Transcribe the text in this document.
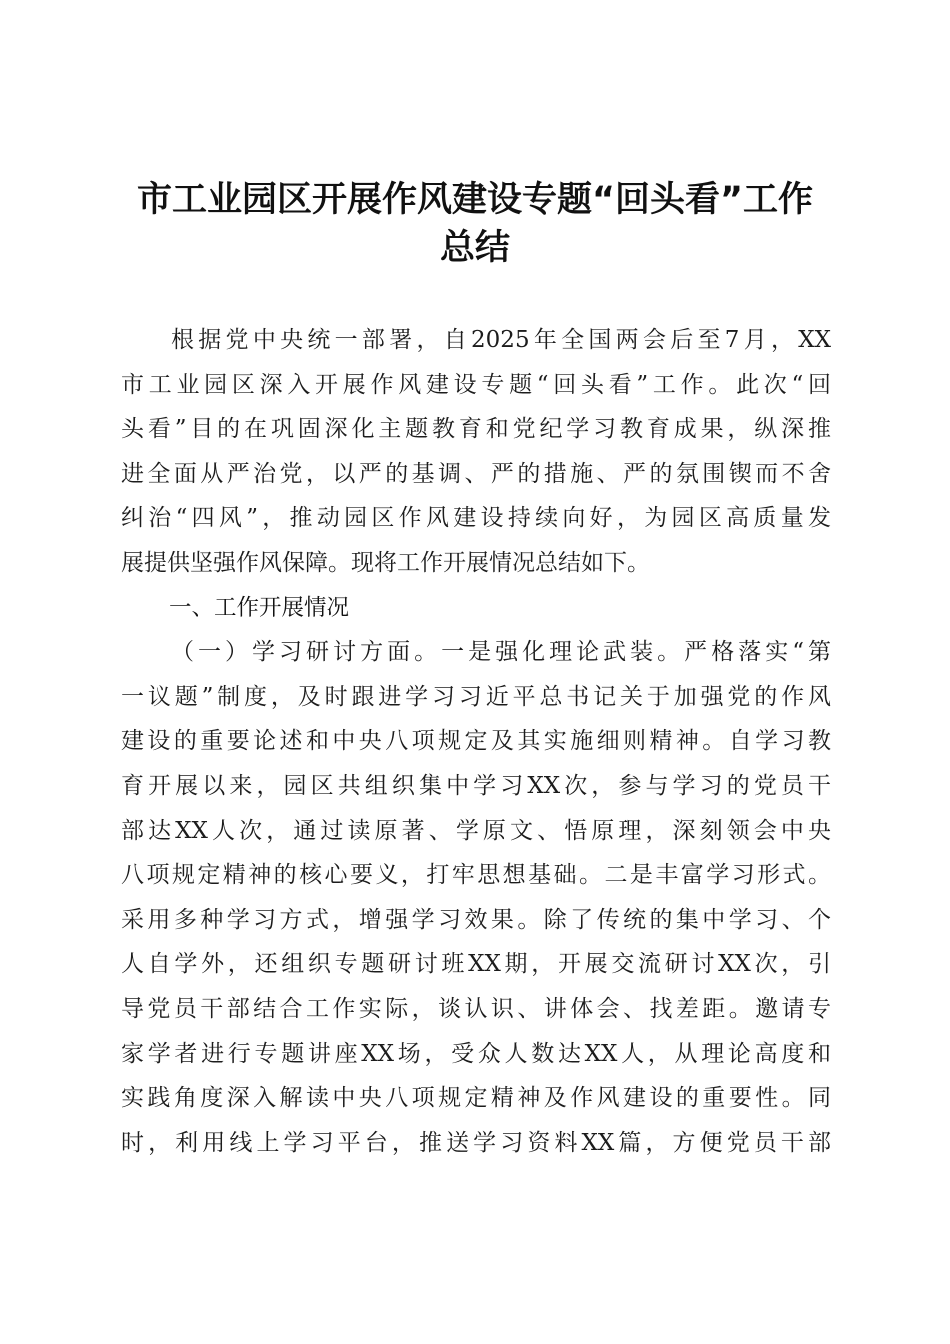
市工业园区开展作风建设专题“回头看”工作
总结
根据党中央统一部署，自2025年全国两会后至7月，XX
市工业园区深入开展作风建设专题“回头看”工作。此次“回
头看”目的在巩固深化主题教育和党纪学习教育成果，纵深推
进全面从严治党，以严的基调、严的措施、严的氛围锲而不舍
纠治“四风”，推动园区作风建设持续向好，为园区高质量发
展提供坚强作风保障。现将工作开展情况总结如下。
一、工作开展情况
（一）学习研讨方面。一是强化理论武装。严格落实“第
一议题”制度，及时跟进学习习近平总书记关于加强党的作风
建设的重要论述和中央八项规定及其实施细则精神。自学习教
育开展以来，园区共组织集中学习XX次，参与学习的党员干
部达XX人次，通过读原著、学原文、悟原理，深刻领会中央
八项规定精神的核心要义，打牢思想基础。二是丰富学习形式。
采用多种学习方式，增强学习效果。除了传统的集中学习、个
人自学外，还组织专题研讨班XX期，开展交流研讨XX次，引
导党员干部结合工作实际，谈认识、讲体会、找差距。邀请专
家学者进行专题讲座XX场，受众人数达XX人，从理论高度和
实践角度深入解读中央八项规定精神及作风建设的重要性。同
时，利用线上学习平台，推送学习资料XX篇，方便党员干部
